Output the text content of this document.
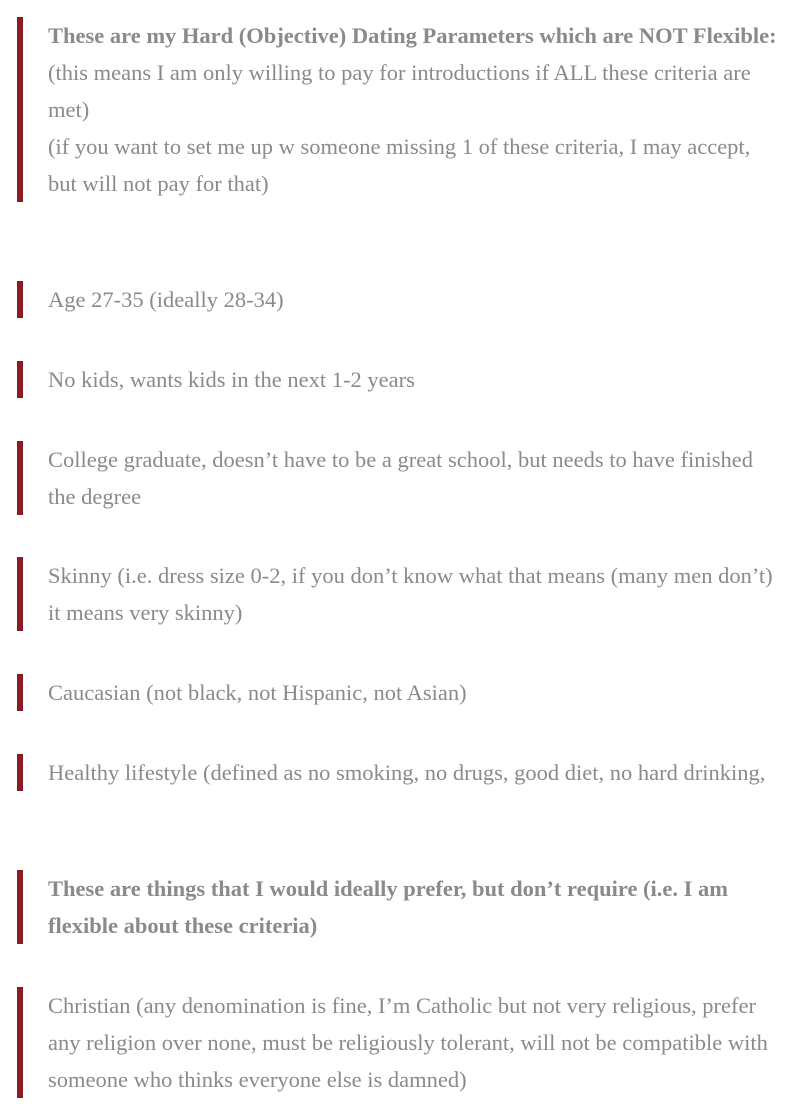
These are my Hard (Objective) Dating Parameters which are NOT Flexible:

(this means I am only willing to pay for introductions if ALL these criteria are met)

(if you want to set me up w someone missing 1 of these criteria, I may accept, but will not pay for that)

Age 27-35 (ideally 28-34)

No kids, wants kids in the next 1-2 years

College graduate, doesn’t have to be a great school, but needs to have finished the degree

Skinny (i.e. dress size 0-2, if you don’t know what that means (many men don’t) it means very skinny)

Caucasian (not black, not Hispanic, not Asian)

Healthy lifestyle (defined as no smoking, no drugs, good diet, no hard drinking,

These are things that I would ideally prefer, but don’t require (i.e. I am flexible about these criteria)

Christian (any denomination is fine, I’m Catholic but not very religious, prefer any religion over none, must be religiously tolerant, will not be compatible with someone who thinks everyone else is damned)
